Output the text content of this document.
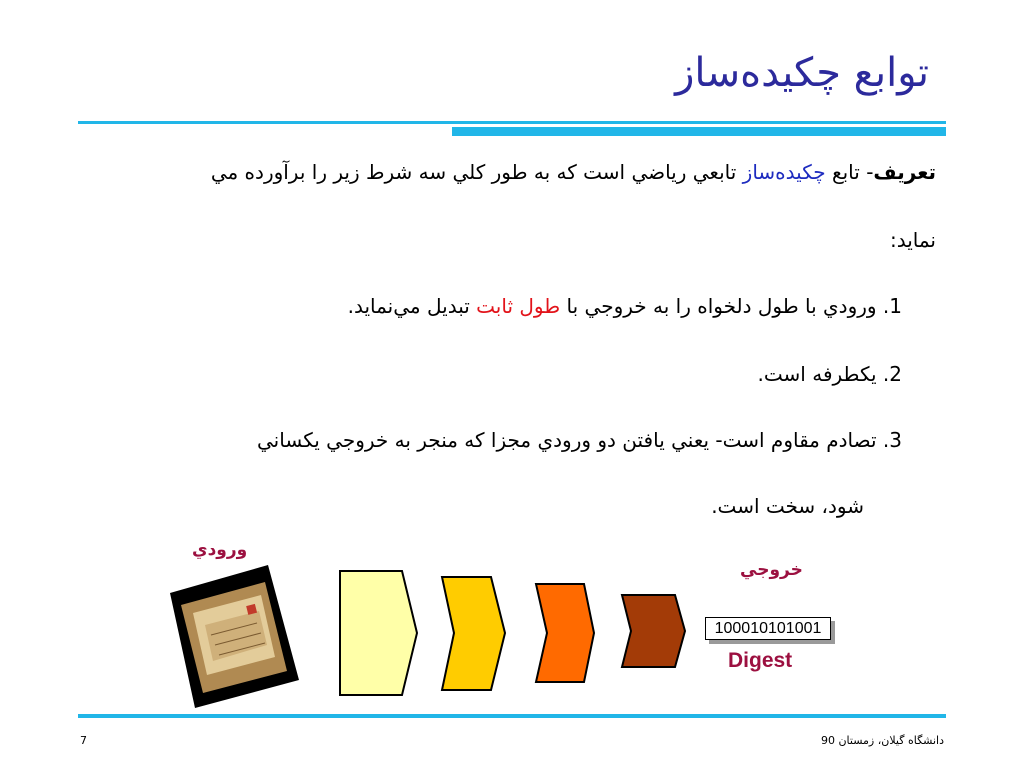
توابع چكيده‌ساز
تعريف- تابع چكيده‌ساز تابعي رياضي است كه به طور كلي سه شرط زير را برآورده مي
نمايد:
1. ورودي با طول دلخواه را به خروجي با طول ثابت تبديل مي‌نمايد.
2. يكطرفه است.
3. تصادم مقاوم است- يعني يافتن دو ورودي مجزا كه منجر به خروجي يكساني
شود، سخت است.
ورودي
خروجي
100010101001
Digest
7	دانشگاه گيلان، زمستان 90
